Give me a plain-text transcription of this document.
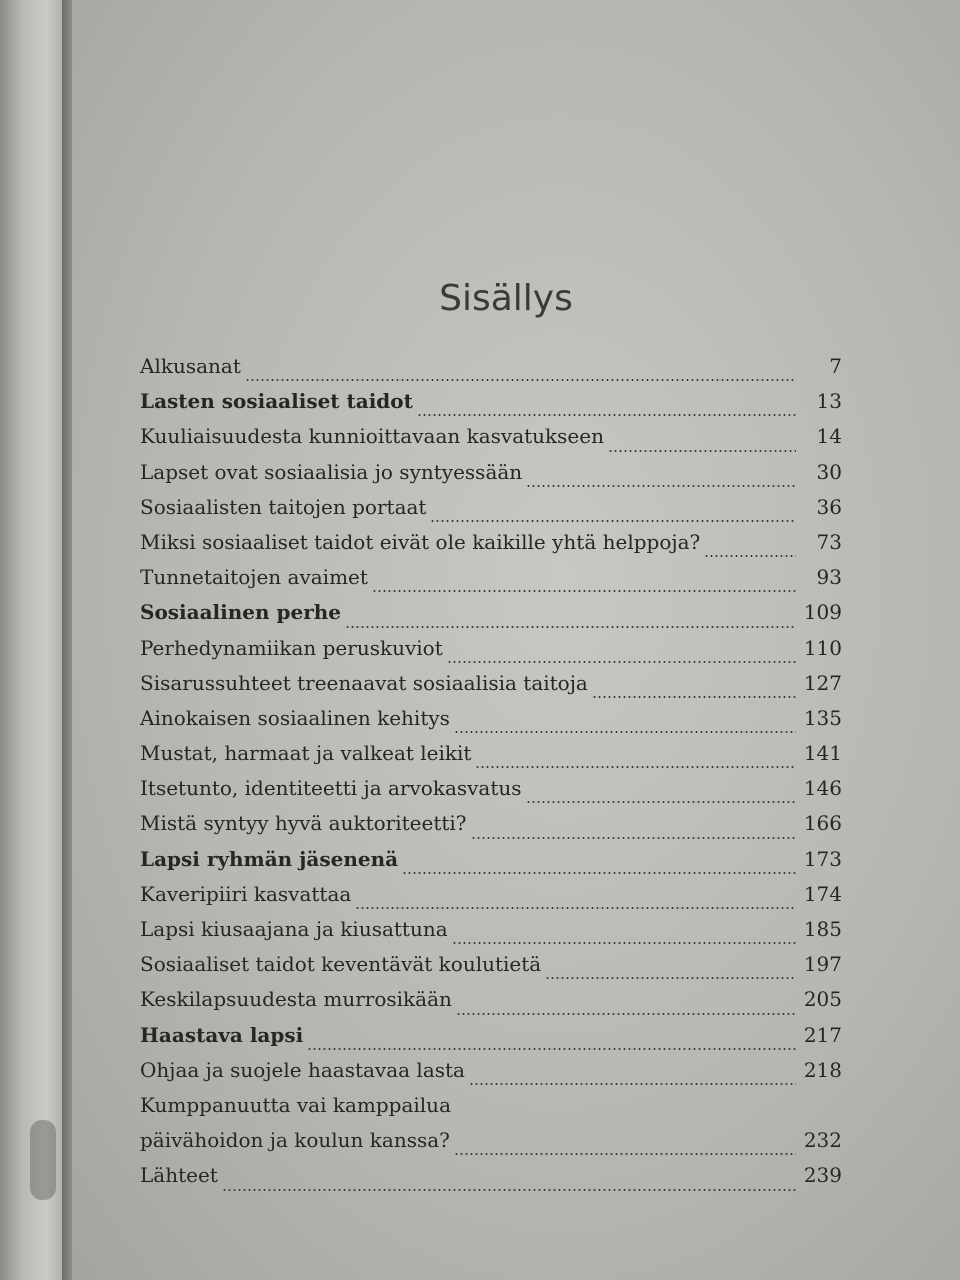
Sisällys
Alkusanat	7
Lasten sosiaaliset taidot	13
Kuuliaisuudesta kunnioittavaan kasvatukseen	14
Lapset ovat sosiaalisia jo syntyessään	30
Sosiaalisten taitojen portaat	36
Miksi sosiaaliset taidot eivät ole kaikille yhtä helppoja?	73
Tunnetaitojen avaimet	93
Sosiaalinen perhe	109
Perhedynamiikan peruskuviot	110
Sisarussuhteet treenaavat sosiaalisia taitoja	127
Ainokaisen sosiaalinen kehitys	135
Mustat, harmaat ja valkeat leikit	141
Itsetunto, identiteetti ja arvokasvatus	146
Mistä syntyy hyvä auktoriteetti?	166
Lapsi ryhmän jäsenenä	173
Kaveripiiri kasvattaa	174
Lapsi kiusaajana ja kiusattuna	185
Sosiaaliset taidot keventävät koulutietä	197
Keskilapsuudesta murrosikään	205
Haastava lapsi	217
Ohjaa ja suojele haastavaa lasta	218
Kumppanuutta vai kamppailua
päivähoidon ja koulun kanssa?	232
Lähteet	239
